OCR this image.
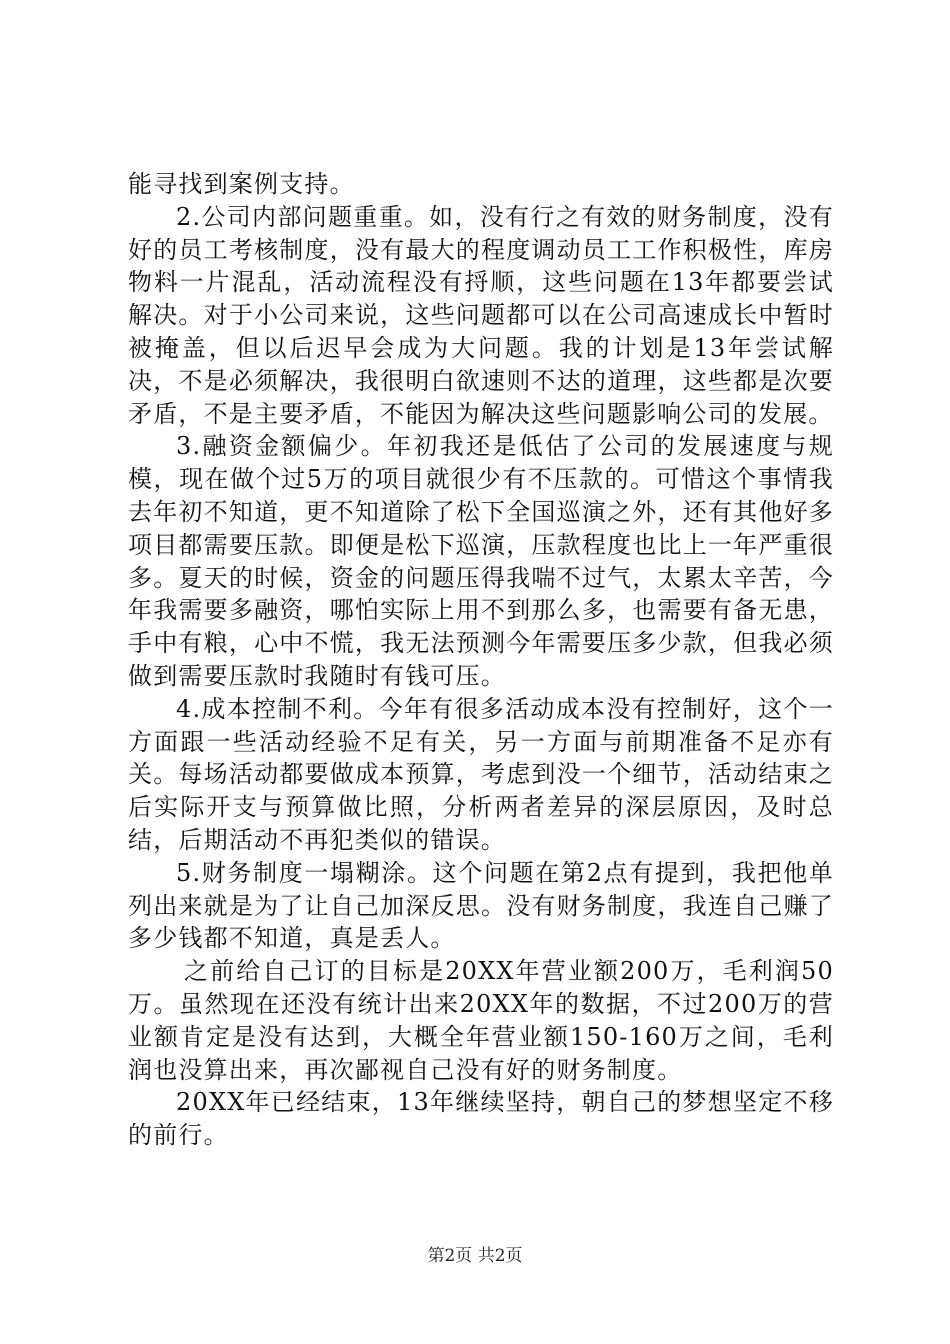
能寻找到案例支持。

2.公司内部问题重重。如，没有行之有效的财务制度，没有好的员工考核制度，没有最大的程度调动员工工作积极性，库房物料一片混乱，活动流程没有捋顺，这些问题在13年都要尝试解决。对于小公司来说，这些问题都可以在公司高速成长中暂时被掩盖，但以后迟早会成为大问题。我的计划是13年尝试解决，不是必须解决，我很明白欲速则不达的道理，这些都是次要矛盾，不是主要矛盾，不能因为解决这些问题影响公司的发展。

3.融资金额偏少。年初我还是低估了公司的发展速度与规模，现在做个过5万的项目就很少有不压款的。可惜这个事情我去年初不知道，更不知道除了松下全国巡演之外，还有其他好多项目都需要压款。即便是松下巡演，压款程度也比上一年严重很多。夏天的时候，资金的问题压得我喘不过气，太累太辛苦，今年我需要多融资，哪怕实际上用不到那么多，也需要有备无患，手中有粮，心中不慌，我无法预测今年需要压多少款，但我必须做到需要压款时我随时有钱可压。

4.成本控制不利。今年有很多活动成本没有控制好，这个一方面跟一些活动经验不足有关，另一方面与前期准备不足亦有关。每场活动都要做成本预算，考虑到没一个细节，活动结束之后实际开支与预算做比照，分析两者差异的深层原因，及时总结，后期活动不再犯类似的错误。

5.财务制度一塌糊涂。这个问题在第2点有提到，我把他单列出来就是为了让自己加深反思。没有财务制度，我连自己赚了多少钱都不知道，真是丢人。

之前给自己订的目标是20XX年营业额200万，毛利润50万。虽然现在还没有统计出来20XX年的数据，不过200万的营业额肯定是没有达到，大概全年营业额150-160万之间，毛利润也没算出来，再次鄙视自己没有好的财务制度。

20XX年已经结束，13年继续坚持，朝自己的梦想坚定不移的前行。

第2页 共2页
